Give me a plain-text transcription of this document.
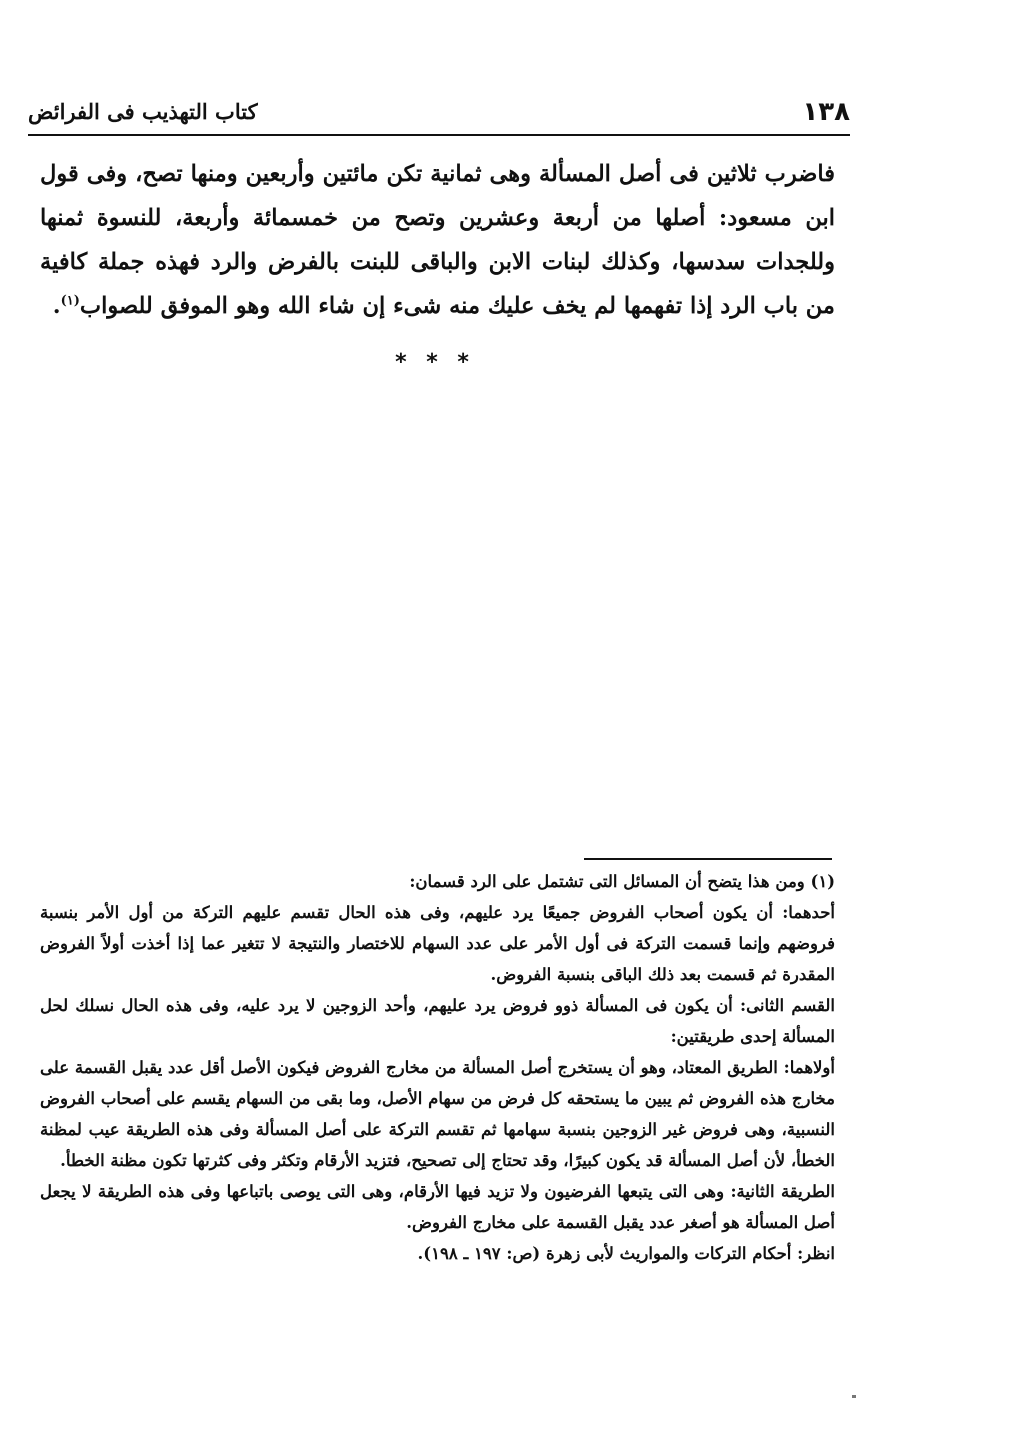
١٣٨
كتاب التهذيب فى الفرائض

فاضرب ثلاثين فى أصل المسألة وهى ثمانية تكن مائتين وأربعين ومنها تصح، وفى قول ابن مسعود: أصلها من أربعة وعشرين وتصح من خمسمائة وأربعة، للنسوة ثمنها وللجدات سدسها، وكذلك لبنات الابن والباقى للبنت بالفرض والرد فهذه جملة كافية من باب الرد إذا تفهمها لم يخف عليك منه شىء إن شاء الله وهو الموفق للصواب$^{(١)}$.

* * *

(١) ومن هذا يتضح أن المسائل التى تشتمل على الرد قسمان:

أحدهما: أن يكون أصحاب الفروض جميعًا يرد عليهم، وفى هذه الحال تقسم عليهم التركة من أول الأمر بنسبة فروضهم وإنما قسمت التركة فى أول الأمر على عدد السهام للاختصار والنتيجة لا تتغير عما إذا أخذت أولاً الفروض المقدرة ثم قسمت بعد ذلك الباقى بنسبة الفروض.

القسم الثانى: أن يكون فى المسألة ذوو فروض يرد عليهم، وأحد الزوجين لا يرد عليه، وفى هذه الحال نسلك لحل المسألة إحدى طريقتين:

أولاهما: الطريق المعتاد، وهو أن يستخرج أصل المسألة من مخارج الفروض فيكون الأصل أقل عدد يقبل القسمة على مخارج هذه الفروض ثم يبين ما يستحقه كل فرض من سهام الأصل، وما بقى من السهام يقسم على أصحاب الفروض النسبية، وهى فروض غير الزوجين بنسبة سهامها ثم تقسم التركة على أصل المسألة وفى هذه الطريقة عيب لمظنة الخطأ، لأن أصل المسألة قد يكون كبيرًا، وقد تحتاج إلى تصحيح، فتزيد الأرقام وتكثر وفى كثرتها تكون مظنة الخطأ.

الطريقة الثانية: وهى التى يتبعها الفرضيون ولا تزيد فيها الأرقام، وهى التى يوصى باتباعها وفى هذه الطريقة لا يجعل أصل المسألة هو أصغر عدد يقبل القسمة على مخارج الفروض.

انظر: أحكام التركات والمواريث لأبى زهرة (ص: ١٩٧ ـ ١٩٨).
